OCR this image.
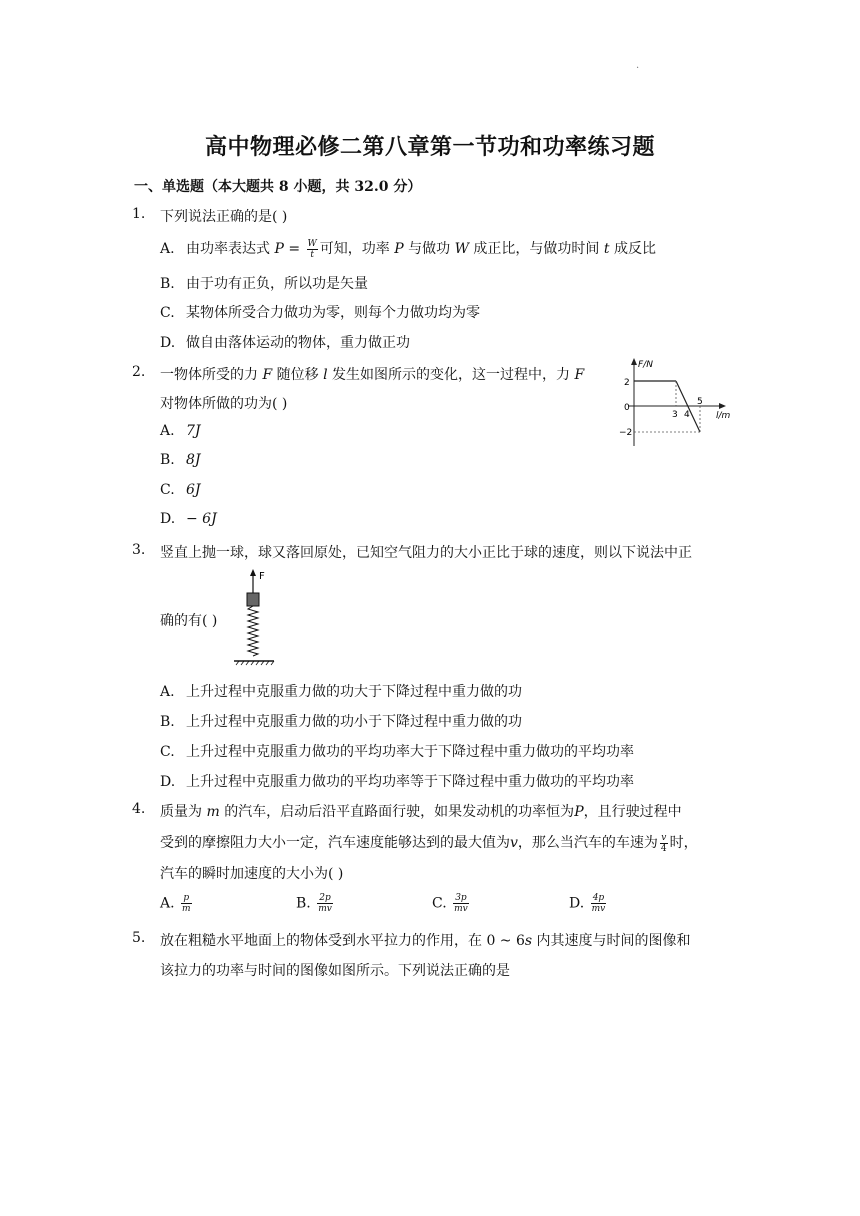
.
高中物理必修二第八章第一节功和功率练习题
一、单选题（本大题共 8 小题，共 32.0 分）
1. 下列说法正确的是( )
A. 由功率表达式 $P = \frac{W}{t}$ 可知，功率 P 与做功 W 成正比，与做功时间 t 成反比
B. 由于功有正负，所以功是矢量
C. 某物体所受合力做功为零，则每个力做功均为零
D. 做自由落体运动的物体，重力做正功
2. 一物体所受的力 F 随位移 l 发生如图所示的变化，这一过程中，力 F
对物体所做的功为( )
A. 7J
B. 8J
C. 6J
D. − 6J
F/N
l/m
2
0
−2
3 4
5
3. 竖直上抛一球，球又落回原处，已知空气阻力的大小正比于球的速度，则以下说法中正
确的有( )
F
A. 上升过程中克服重力做的功大于下降过程中重力做的功
B. 上升过程中克服重力做的功小于下降过程中重力做的功
C. 上升过程中克服重力做功的平均功率大于下降过程中重力做功的平均功率
D. 上升过程中克服重力做功的平均功率等于下降过程中重力做功的平均功率
4. 质量为 m 的汽车，启动后沿平直路面行驶，如果发动机的功率恒为P，且行驶过程中
受到的摩擦阻力大小一定，汽车速度能够达到的最大值为v，那么当汽车的车速为 $\frac{v}{4}$ 时，
汽车的瞬时加速度的大小为( )
A. $\frac{p}{m}$	B. $\frac{2p}{mv}$	C. $\frac{3p}{mv}$	D. $\frac{4p}{mv}$
5. 放在粗糙水平地面上的物体受到水平拉力的作用，在 0 ~ 6s 内其速度与时间的图像和
该拉力的功率与时间的图像如图所示。下列说法正确的是
